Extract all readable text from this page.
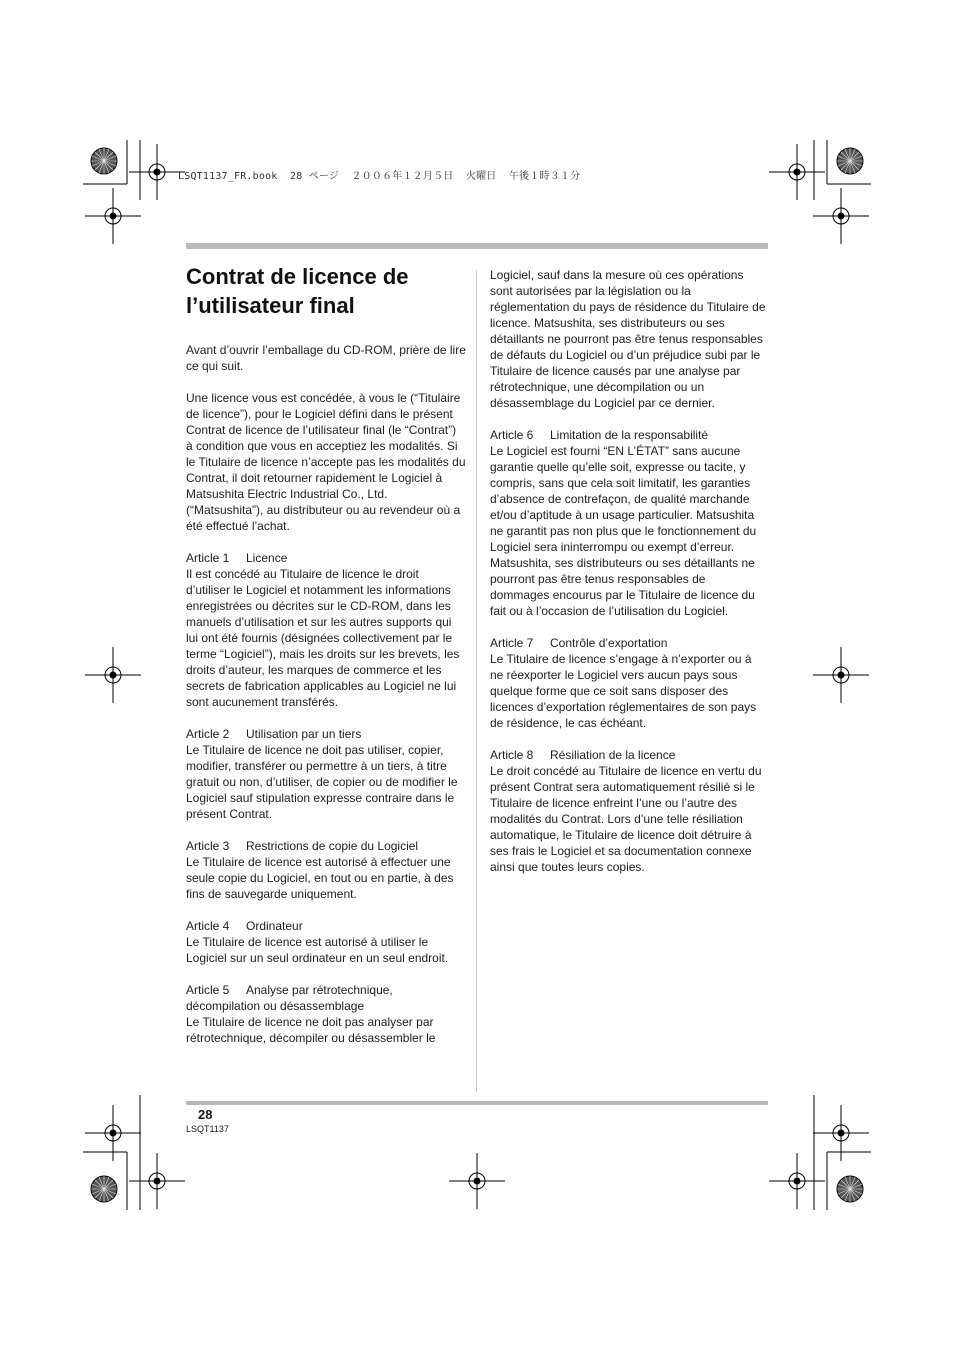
LSQT1137_FR.book  28 ページ  ２００６年１２月５日  火曜日  午後１時３１分
Contrat de licence de l’utilisateur final

Avant d’ouvrir l’emballage du CD-ROM, prière de lire ce qui suit.

Une licence vous est concédée, à vous le (“Titulaire de licence”), pour le Logiciel défini dans le présent Contrat de licence de l’utilisateur final (le “Contrat”) à condition que vous en acceptiez les modalités. Si le Titulaire de licence n’accepte pas les modalités du Contrat, il doit retourner rapidement le Logiciel à Matsushita Electric Industrial Co., Ltd. (“Matsushita”), au distributeur ou au revendeur où a été effectué l’achat.

Article 1 Licence
Il est concédé au Titulaire de licence le droit d’utiliser le Logiciel et notamment les informations enregistrées ou décrites sur le CD-ROM, dans les manuels d’utilisation et sur les autres supports qui lui ont été fournis (désignées collectivement par le terme “Logiciel”), mais les droits sur les brevets, les droits d’auteur, les marques de commerce et les secrets de fabrication applicables au Logiciel ne lui sont aucunement transférés.

Article 2 Utilisation par un tiers
Le Titulaire de licence ne doit pas utiliser, copier, modifier, transférer ou permettre à un tiers, à titre gratuit ou non, d’utiliser, de copier ou de modifier le Logiciel sauf stipulation expresse contraire dans le présent Contrat.

Article 3 Restrictions de copie du Logiciel
Le Titulaire de licence est autorisé à effectuer une seule copie du Logiciel, en tout ou en partie, à des fins de sauvegarde uniquement.

Article 4 Ordinateur
Le Titulaire de licence est autorisé à utiliser le Logiciel sur un seul ordinateur en un seul endroit.

Article 5 Analyse par rétrotechnique, décompilation ou désassemblage
Le Titulaire de licence ne doit pas analyser par rétrotechnique, décompiler ou désassembler le

Logiciel, sauf dans la mesure où ces opérations sont autorisées par la législation ou la réglementation du pays de résidence du Titulaire de licence. Matsushita, ses distributeurs ou ses détaillants ne pourront pas être tenus responsables de défauts du Logiciel ou d’un préjudice subi par le Titulaire de licence causés par une analyse par rétrotechnique, une décompilation ou un désassemblage du Logiciel par ce dernier.

Article 6 Limitation de la responsabilité
Le Logiciel est fourni “EN L’ÉTAT” sans aucune garantie quelle qu’elle soit, expresse ou tacite, y compris, sans que cela soit limitatif, les garanties d’absence de contrefaçon, de qualité marchande et/ou d’aptitude à un usage particulier. Matsushita ne garantit pas non plus que le fonctionnement du Logiciel sera ininterrompu ou exempt d’erreur. Matsushita, ses distributeurs ou ses détaillants ne pourront pas être tenus responsables de dommages encourus par le Titulaire de licence du fait ou à l’occasion de l’utilisation du Logiciel.

Article 7 Contrôle d’exportation
Le Titulaire de licence s’engage à n’exporter ou à ne réexporter le Logiciel vers aucun pays sous quelque forme que ce soit sans disposer des licences d’exportation réglementaires de son pays de résidence, le cas échéant.

Article 8 Résiliation de la licence
Le droit concédé au Titulaire de licence en vertu du présent Contrat sera automatiquement résilié si le Titulaire de licence enfreint l’une ou l’autre des modalités du Contrat. Lors d’une telle résiliation automatique, le Titulaire de licence doit détruire à ses frais le Logiciel et sa documentation connexe ainsi que toutes leurs copies.

28
LSQT1137
